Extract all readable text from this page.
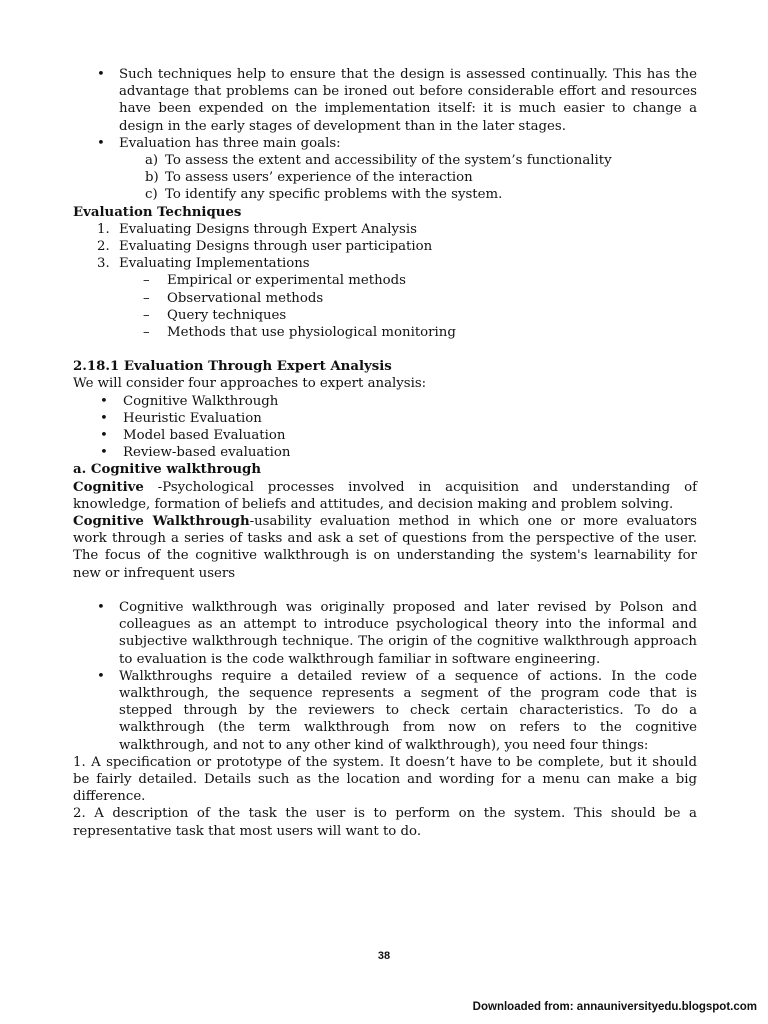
• Such techniques help to ensure that the design is assessed continually. This has the advantage that problems can be ironed out before considerable effort and resources have been expended on the implementation itself: it is much easier to change a design in the early stages of development than in the later stages.
• Evaluation has three main goals:
a) To assess the extent and accessibility of the system’s functionality
b) To assess users’ experience of the interaction
c) To identify any specific problems with the system.
Evaluation Techniques
1. Evaluating Designs through Expert Analysis
2. Evaluating Designs through user participation
3. Evaluating Implementations
– Empirical or experimental methods
– Observational methods
– Query techniques
– Methods that use physiological monitoring
2.18.1 Evaluation Through Expert Analysis
We will consider four approaches to expert analysis:
• Cognitive Walkthrough
• Heuristic Evaluation
• Model based Evaluation
• Review-based evaluation
a. Cognitive walkthrough
Cognitive -Psychological processes involved in acquisition and understanding of knowledge, formation of beliefs and attitudes, and decision making and problem solving.
Cognitive Walkthrough-usability evaluation method in which one or more evaluators work through a series of tasks and ask a set of questions from the perspective of the user. The focus of the cognitive walkthrough is on understanding the system's learnability for new or infrequent users
• Cognitive walkthrough was originally proposed and later revised by Polson and colleagues as an attempt to introduce psychological theory into the informal and subjective walkthrough technique. The origin of the cognitive walkthrough approach to evaluation is the code walkthrough familiar in software engineering.
• Walkthroughs require a detailed review of a sequence of actions. In the code walkthrough, the sequence represents a segment of the program code that is stepped through by the reviewers to check certain characteristics. To do a walkthrough (the term walkthrough from now on refers to the cognitive walkthrough, and not to any other kind of walkthrough), you need four things:
1. A specification or prototype of the system. It doesn’t have to be complete, but it should be fairly detailed. Details such as the location and wording for a menu can make a big difference.
2. A description of the task the user is to perform on the system. This should be a representative task that most users will want to do.
38
Downloaded from: annauniversityedu.blogspot.com
